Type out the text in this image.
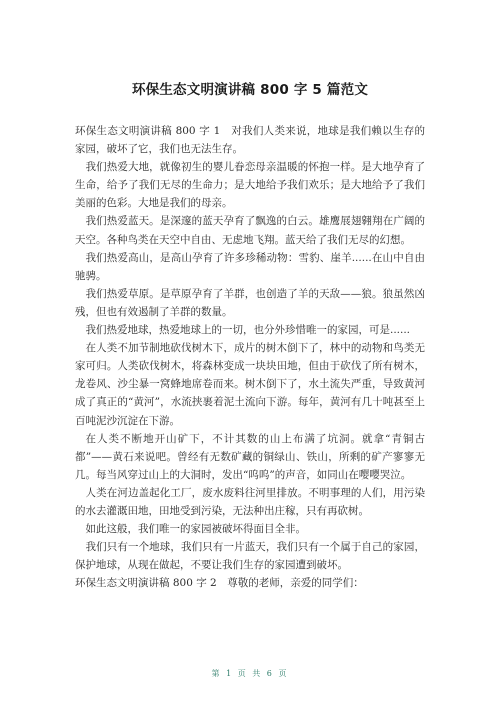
环保生态文明演讲稿 800 字 5 篇范文

环保生态文明演讲稿 800 字 1　对我们人类来说，地球是我们赖以生存的家园，破坏了它，我们也无法生存。

我们热爱大地，就像初生的婴儿眷恋母亲温暖的怀抱一样。是大地孕育了生命，给予了我们无尽的生命力；是大地给予我们欢乐；是大地给予了我们美丽的色彩。大地是我们的母亲。

我们热爱蓝天。是深邃的蓝天孕育了飘逸的白云。雄鹰展翅翱翔在广阔的天空。各种鸟类在天空中自由、无虑地飞翔。蓝天给了我们无尽的幻想。

我们热爱高山，是高山孕育了许多珍稀动物：雪豹、崖羊......在山中自由驰骋。

我们热爱草原。是草原孕育了羊群，也创造了羊的天敌——狼。狼虽然凶残，但也有效遏制了羊群的数量。

我们热爱地球，热爱地球上的一切，也分外珍惜唯一的家园，可是......

在人类不加节制地砍伐树木下，成片的树木倒下了，林中的动物和鸟类无家可归。人类砍伐树木，将森林变成一块块田地，但由于砍伐了所有树木，龙卷风、沙尘暴一窝蜂地席卷而来。树木倒下了，水土流失严重，导致黄河成了真正的“黄河”，水流挟裹着泥土流向下游。每年，黄河有几十吨甚至上百吨泥沙沉淀在下游。

在人类不断地开山矿下，不计其数的山上布满了坑洞。就拿“青铜古都”——黄石来说吧。曾经有无数矿藏的铜绿山、铁山，所剩的矿产寥寥无几。每当风穿过山上的大洞时，发出“呜呜”的声音，如同山在嘤嘤哭泣。

人类在河边盖起化工厂，废水废料往河里排放。不明事理的人们，用污染的水去灌溉田地，田地受到污染，无法种出庄稼，只有再砍树。

如此这般，我们唯一的家园被破坏得面目全非。

我们只有一个地球，我们只有一片蓝天，我们只有一个属于自己的家园，保护地球，从现在做起，不要让我们生存的家园遭到破坏。

环保生态文明演讲稿 800 字 2　尊敬的老师，亲爱的同学们：

第 1 页 共 6 页
